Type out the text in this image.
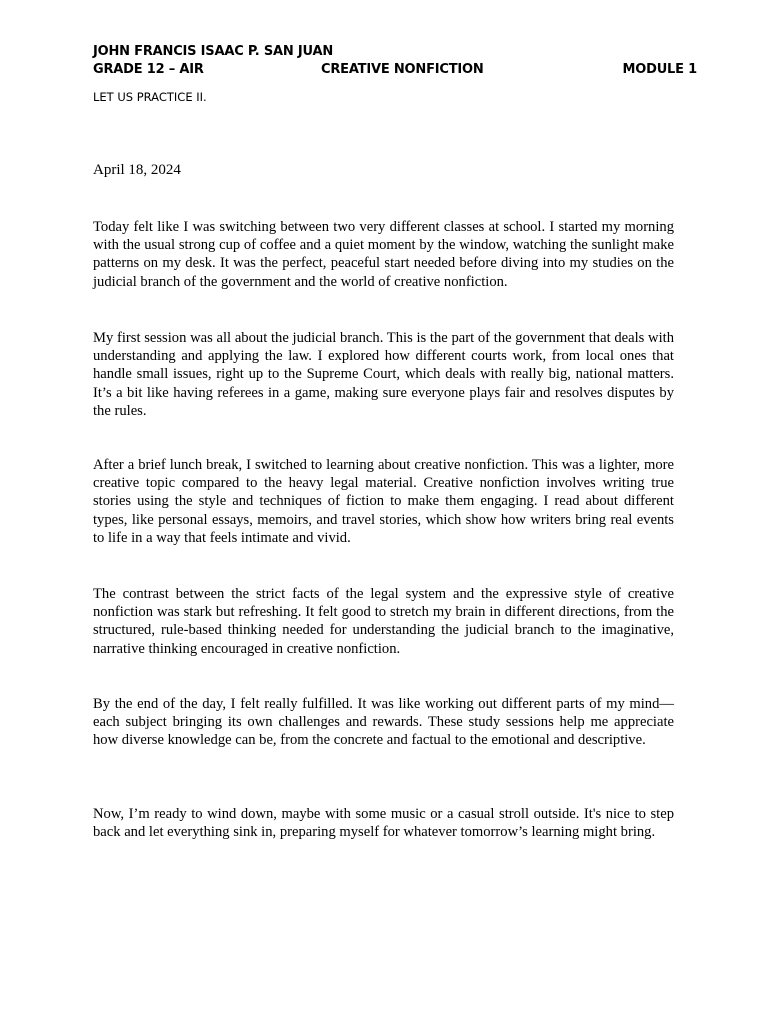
JOHN FRANCIS ISAAC P. SAN JUAN
GRADE 12 – AIR	CREATIVE NONFICTION	MODULE 1
LET US PRACTICE II.
April 18, 2024

Today felt like I was switching between two very different classes at school. I started my morning with the usual strong cup of coffee and a quiet moment by the window, watching the sunlight make patterns on my desk. It was the perfect, peaceful start needed before diving into my studies on the judicial branch of the government and the world of creative nonfiction.

My first session was all about the judicial branch. This is the part of the government that deals with understanding and applying the law. I explored how different courts work, from local ones that handle small issues, right up to the Supreme Court, which deals with really big, national matters. It’s a bit like having referees in a game, making sure everyone plays fair and resolves disputes by the rules.

After a brief lunch break, I switched to learning about creative nonfiction. This was a lighter, more creative topic compared to the heavy legal material. Creative nonfiction involves writing true stories using the style and techniques of fiction to make them engaging. I read about different types, like personal essays, memoirs, and travel stories, which show how writers bring real events to life in a way that feels intimate and vivid.

The contrast between the strict facts of the legal system and the expressive style of creative nonfiction was stark but refreshing. It felt good to stretch my brain in different directions, from the structured, rule-based thinking needed for understanding the judicial branch to the imaginative, narrative thinking encouraged in creative nonfiction.

By the end of the day, I felt really fulfilled. It was like working out different parts of my mind—each subject bringing its own challenges and rewards. These study sessions help me appreciate how diverse knowledge can be, from the concrete and factual to the emotional and descriptive.

Now, I’m ready to wind down, maybe with some music or a casual stroll outside. It's nice to step back and let everything sink in, preparing myself for whatever tomorrow’s learning might bring.
